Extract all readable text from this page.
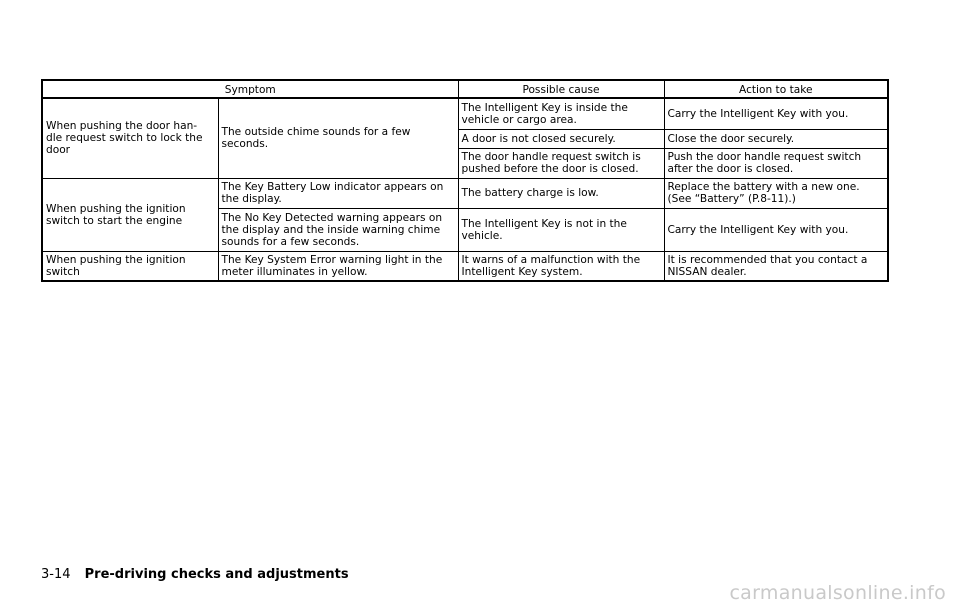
Symptom		Possible cause	Action to take
When pushing the door han- dle request switch to lock the door	The outside chime sounds for a few seconds.	The Intelligent Key is inside the vehicle or cargo area.	Carry the Intelligent Key with you.
		A door is not closed securely.	Close the door securely.
		The door handle request switch is pushed before the door is closed.	Push the door handle request switch after the door is closed.
When pushing the ignition switch to start the engine	The Key Battery Low indicator appears on the display.	The battery charge is low.	Replace the battery with a new one. (See “Battery” (P.8-11).)
	The No Key Detected warning appears on the display and the inside warning chime sounds for a few seconds.	The Intelligent Key is not in the vehicle.	Carry the Intelligent Key with you.
When pushing the ignition switch	The Key System Error warning light in the meter illuminates in yellow.	It warns of a malfunction with the Intelligent Key system.	It is recommended that you contact a NISSAN dealer.
3-14 Pre-driving checks and adjustments
carmanualsonline.info
